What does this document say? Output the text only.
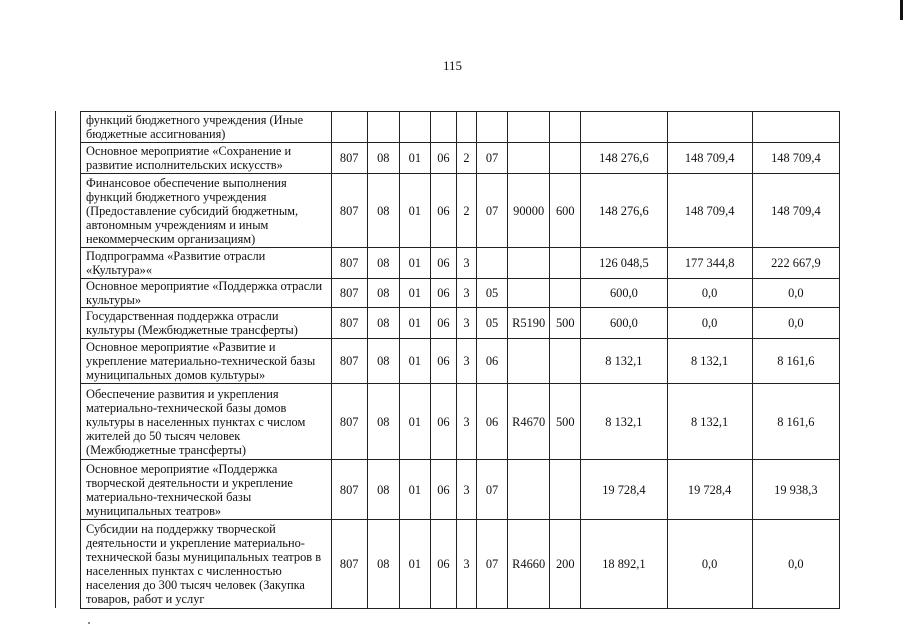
115
функций бюджетного учреждения (Иные бюджетные ассигнования)											
Основное мероприятие «Сохранение и развитие исполнительских искусств»	807	08	01	06	2	07			148 276,6	148 709,4	148 709,4
Финансовое обеспечение выполнения функций бюджетного учреждения (Предоставление субсидий бюджетным, автономным учреждениям и иным некоммерческим организациям)	807	08	01	06	2	07	90000	600	148 276,6	148 709,4	148 709,4
Подпрограмма «Развитие отрасли «Культура»«	807	08	01	06	3				126 048,5	177 344,8	222 667,9
Основное мероприятие «Поддержка отрасли культуры»	807	08	01	06	3	05			600,0	0,0	0,0
Государственная поддержка отрасли культуры (Межбюджетные трансферты)	807	08	01	06	3	05	R5190	500	600,0	0,0	0,0
Основное мероприятие «Развитие и укрепление материально-технической базы муниципальных домов культуры»	807	08	01	06	3	06			8 132,1	8 132,1	8 161,6
Обеспечение развития и укрепления материально-технической базы домов культуры в населенных пунктах с числом жителей до 50 тысяч человек (Межбюджетные трансферты)	807	08	01	06	3	06	R4670	500	8 132,1	8 132,1	8 161,6
Основное мероприятие «Поддержка творческой деятельности и укрепление материально-технической базы муниципальных театров»	807	08	01	06	3	07			19 728,4	19 728,4	19 938,3
Субсидии на поддержку творческой деятельности и укрепление материально-технической базы муниципальных театров в населенных пунктах с численностью населения до 300 тысяч человек (Закупка товаров, работ и услуг	807	08	01	06	3	07	R4660	200	18 892,1	0,0	0,0
